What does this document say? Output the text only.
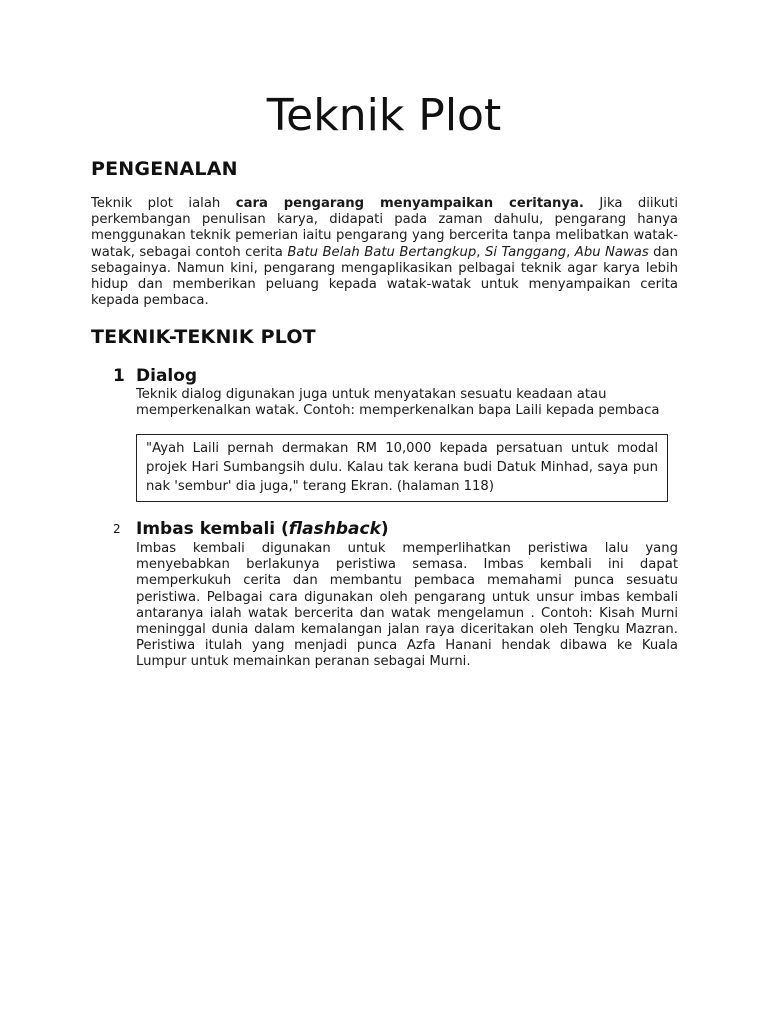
Teknik Plot
PENGENALAN

Teknik plot ialah cara pengarang menyampaikan ceritanya. Jika diikuti perkembangan penulisan karya, didapati pada zaman dahulu, pengarang hanya menggunakan teknik pemerian iaitu pengarang yang bercerita tanpa melibatkan watak-watak, sebagai contoh cerita Batu Belah Batu Bertangkup, Si Tanggang, Abu Nawas dan sebagainya. Namun kini, pengarang mengaplikasikan pelbagai teknik agar karya lebih hidup dan memberikan peluang kepada watak-watak untuk menyampaikan cerita kepada pembaca.

TEKNIK-TEKNIK PLOT
1 Dialog

Teknik dialog digunakan juga untuk menyatakan sesuatu keadaan atau memperkenalkan watak. Contoh: memperkenalkan bapa Laili kepada pembaca

"Ayah Laili pernah dermakan RM 10,000 kepada persatuan untuk modal projek Hari Sumbangsih dulu. Kalau tak kerana budi Datuk Minhad, saya pun nak 'sembur' dia juga," terang Ekran. (halaman 118)

2 Imbas kembali (flashback)

Imbas kembali digunakan untuk memperlihatkan peristiwa lalu yang menyebabkan berlakunya peristiwa semasa. Imbas kembali ini dapat memperkukuh cerita dan membantu pembaca memahami punca sesuatu peristiwa. Pelbagai cara digunakan oleh pengarang untuk unsur imbas kembali antaranya ialah watak bercerita dan watak mengelamun . Contoh: Kisah Murni meninggal dunia dalam kemalangan jalan raya diceritakan oleh Tengku Mazran. Peristiwa itulah yang menjadi punca Azfa Hanani hendak dibawa ke Kuala Lumpur untuk memainkan peranan sebagai Murni.
